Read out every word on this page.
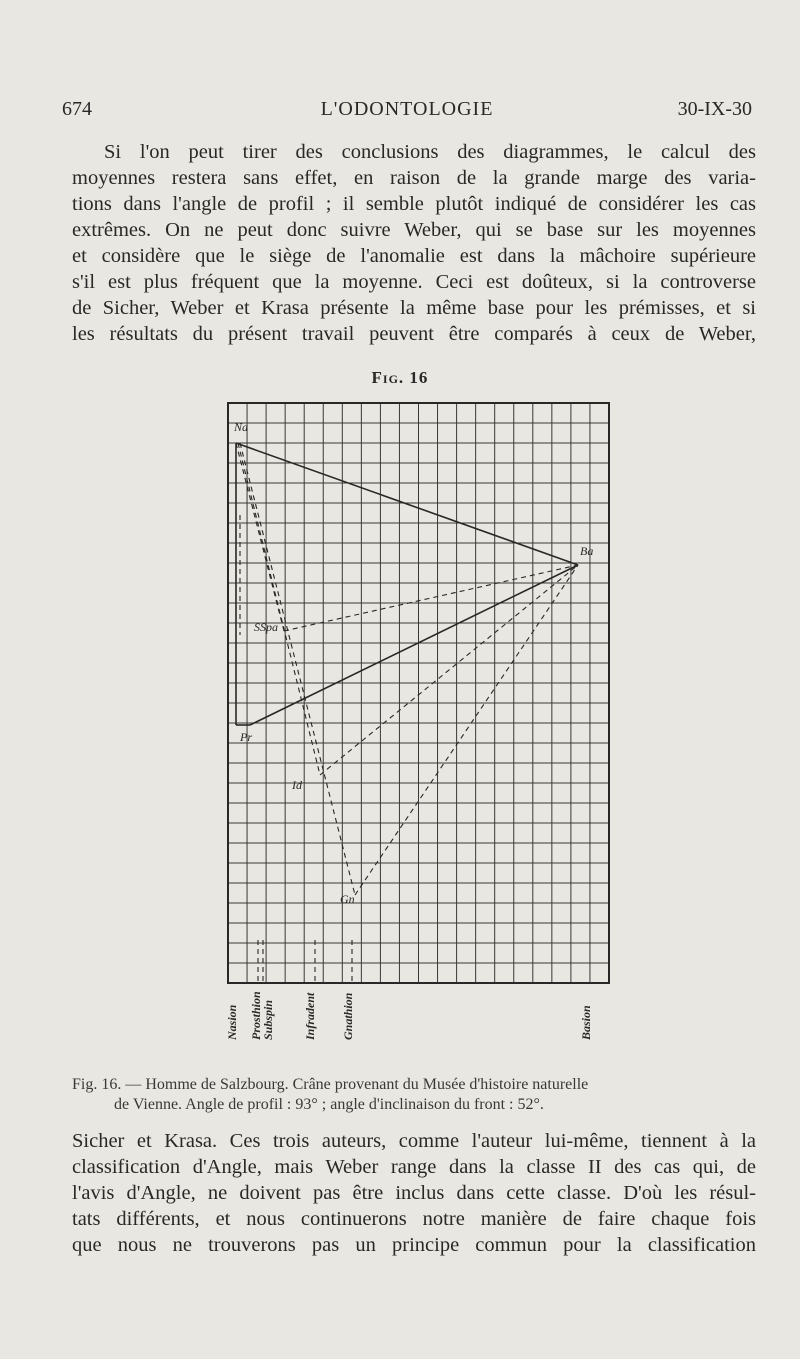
674	L'ODONTOLOGIE	30-IX-30
Si l'on peut tirer des conclusions des diagrammes, le calcul des
moyennes restera sans effet, en raison de la grande marge des varia-
tions dans l'angle de profil ; il semble plutôt indiqué de considérer les cas
extrêmes. On ne peut donc suivre Weber, qui se base sur les moyennes
et considère que le siège de l'anomalie est dans la mâchoire supérieure
s'il est plus fréquent que la moyenne. Ceci est doûteux, si la controverse
de Sicher, Weber et Krasa présente la même base pour les prémisses, et si
les résultats du présent travail peuvent être comparés à ceux de Weber,
Fig. 16
Na
Ba
SSpa
Pr
Id
Gn
Nasion Prosthion
Subspin Infradent Gnathion	Basion
Fig. 16. — Homme de Salzbourg. Crâne provenant du Musée d'histoire naturelle
de Vienne. Angle de profil : 93° ; angle d'inclinaison du front : 52°.
Sicher et Krasa. Ces trois auteurs, comme l'auteur lui-même, tiennent à la
classification d'Angle, mais Weber range dans la classe II des cas qui, de
l'avis d'Angle, ne doivent pas être inclus dans cette classe. D'où les résul-
tats différents, et nous continuerons notre manière de faire chaque fois
que nous ne trouverons pas un principe commun pour la classification
